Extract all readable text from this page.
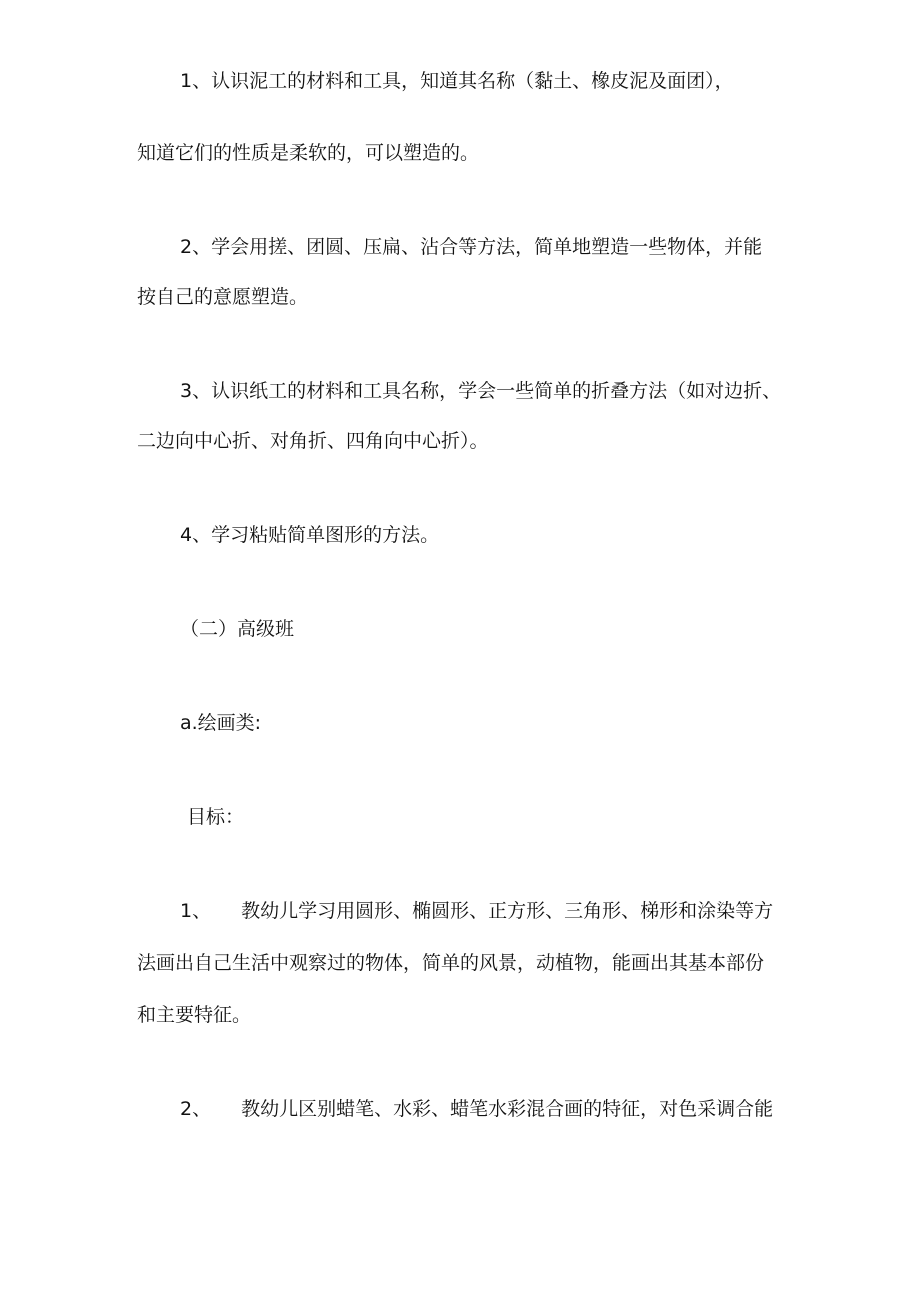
1、认识泥工的材料和工具，知道其名称（黏土、橡皮泥及面团），
知道它们的性质是柔软的，可以塑造的。
2、学会用搓、团圆、压扁、沾合等方法，简单地塑造一些物体，并能
按自己的意愿塑造。
3、认识纸工的材料和工具名称，学会一些简单的折叠方法（如对边折、
二边向中心折、对角折、四角向中心折）。
4、学习粘贴简单图形的方法。
（二）高级班
a.绘画类:
目标：
1、 教幼儿学习用圆形、椭圆形、正方形、三角形、梯形和涂染等方
法画出自己生活中观察过的物体，简单的风景，动植物，能画出其基本部份
和主要特征。
2、 教幼儿区别蜡笔、水彩、蜡笔水彩混合画的特征，对色采调合能
